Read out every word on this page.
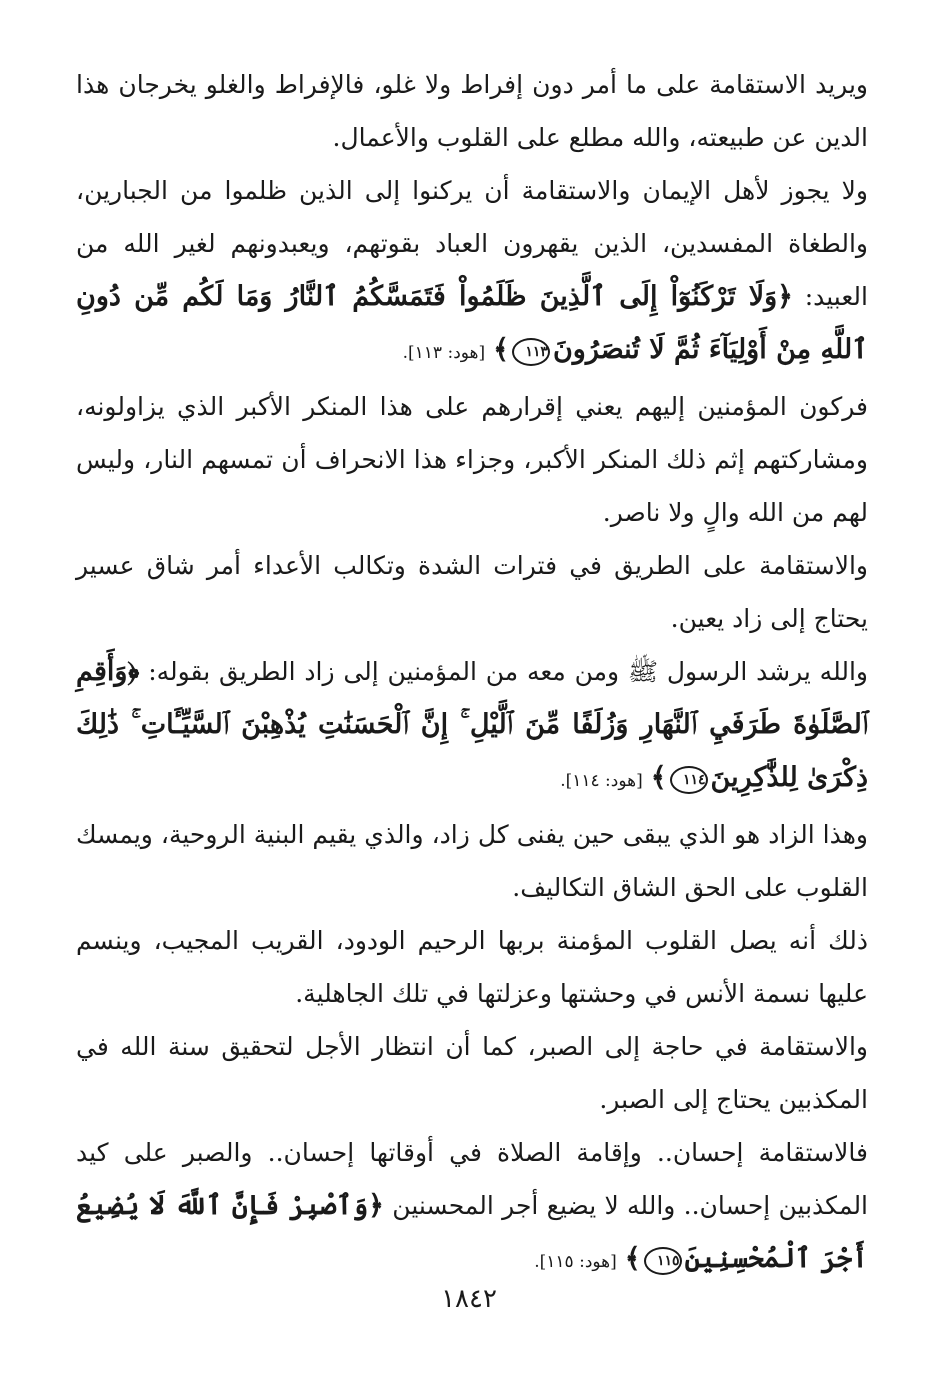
ويريد الاستقامة على ما أمر دون إفراط ولا غلو، فالإفراط والغلو يخرجان هذا الدين عن طبيعته، والله مطلع على القلوب والأعمال.

ولا يجوز لأهل الإيمان والاستقامة أن يركنوا إلى الذين ظلموا من الجبارين، والطغاة المفسدين، الذين يقهرون العباد بقوتهم، ويعبدونهم لغير الله من العبيد: ﴿وَلَا تَرْكَنُوٓاْ إِلَى ٱلَّذِينَ ظَلَمُواْ فَتَمَسَّكُمُ ٱلنَّارُ وَمَا لَكُم مِّن دُونِ ٱللَّهِ مِنْ أَوْلِيَآءَ ثُمَّ لَا تُنصَرُونَ١١٣﴾ [هود: ١١٣].

فركون المؤمنين إليهم يعني إقرارهم على هذا المنكر الأكبر الذي يزاولونه، ومشاركتهم إثم ذلك المنكر الأكبر، وجزاء هذا الانحراف أن تمسهم النار، وليس لهم من الله والٍ ولا ناصر.

والاستقامة على الطريق في فترات الشدة وتكالب الأعداء أمر شاق عسير يحتاج إلى زاد يعين.

والله يرشد الرسول ﷺ ومن معه من المؤمنين إلى زاد الطريق بقوله: ﴿وَأَقِمِ ٱلصَّلَوٰةَ طَرَفَيِ ٱلنَّهَارِ وَزُلَفًا مِّنَ ٱلَّيْلِ ۚ إِنَّ ٱلْحَسَنَٰتِ يُذْهِبْنَ ٱلسَّيِّـَٔاتِ ۚ ذَٰلِكَ ذِكْرَىٰ لِلذَّٰكِرِينَ١١٤﴾ [هود: ١١٤].

وهذا الزاد هو الذي يبقى حين يفنى كل زاد، والذي يقيم البنية الروحية، ويمسك القلوب على الحق الشاق التكاليف.

ذلك أنه يصل القلوب المؤمنة بربها الرحيم الودود، القريب المجيب، وينسم عليها نسمة الأنس في وحشتها وعزلتها في تلك الجاهلية.

والاستقامة في حاجة إلى الصبر، كما أن انتظار الأجل لتحقيق سنة الله في المكذبين يحتاج إلى الصبر.

فالاستقامة إحسان.. وإقامة الصلاة في أوقاتها إحسان.. والصبر على كيد المكذبين إحسان.. والله لا يضيع أجر المحسنين ﴿وَٱصْبِرْ فَإِنَّ ٱللَّهَ لَا يُضِيعُ أَجْرَ ٱلْمُحْسِنِينَ١١٥﴾ [هود: ١١٥].

١٨٤٢
